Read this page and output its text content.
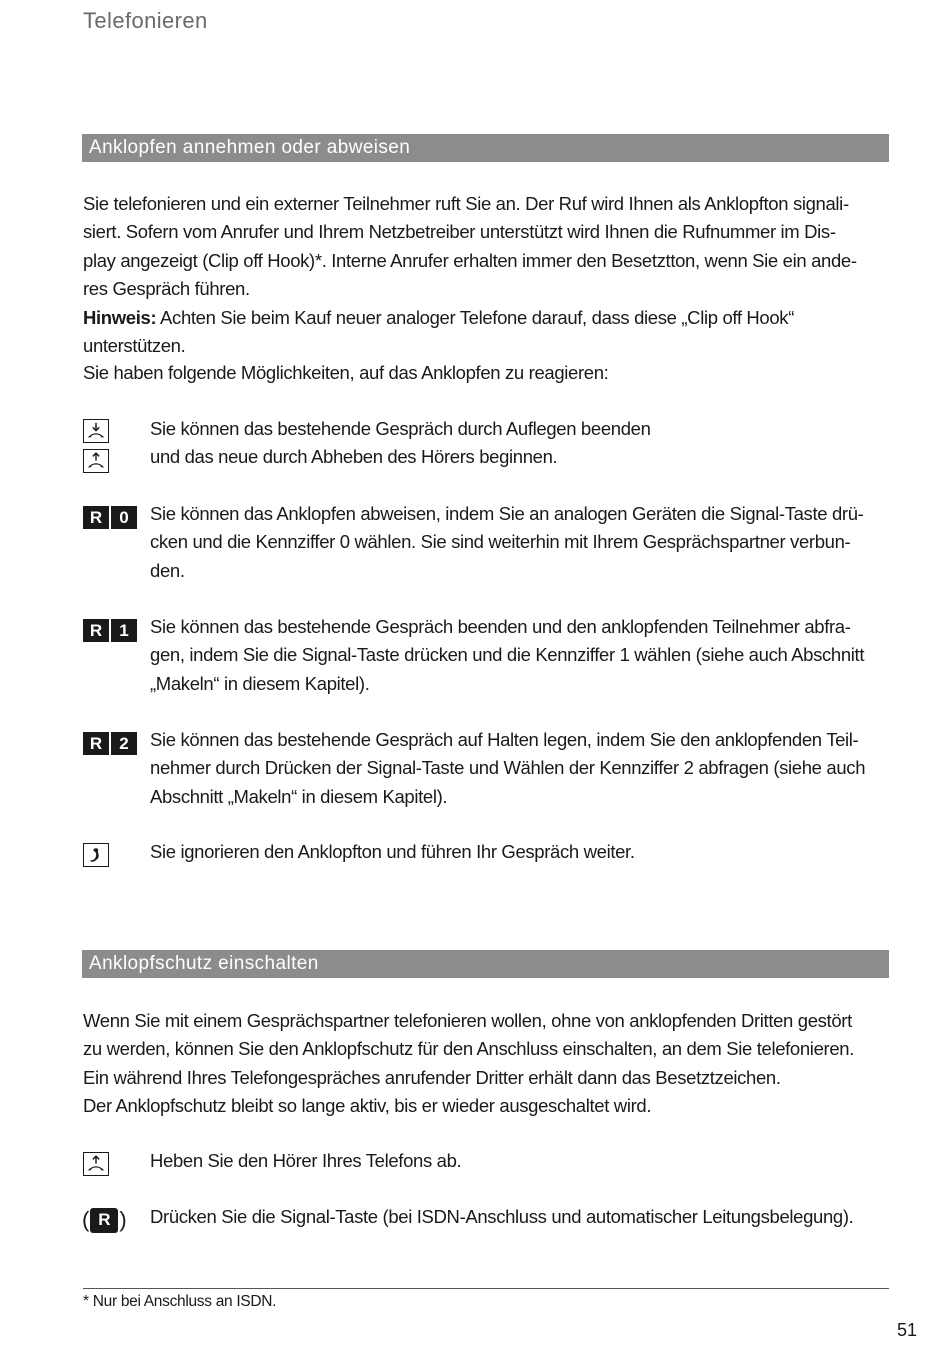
Telefonieren
Anklopfen annehmen oder abweisen
Sie telefonieren und ein externer Teilnehmer ruft Sie an. Der Ruf wird Ihnen als Anklopfton signali-
siert. Sofern vom Anrufer und Ihrem Netzbetreiber unterstützt wird Ihnen die Rufnummer im Dis-
play angezeigt (Clip off Hook)*. Interne Anrufer erhalten immer den Besetztton, wenn Sie ein ande-
res Gespräch führen.
Hinweis: Achten Sie beim Kauf neuer analoger Telefone darauf, dass diese „Clip off Hook“ unterstützen.
Sie haben folgende Möglichkeiten, auf das Anklopfen zu reagieren:
Sie können das bestehende Gespräch durch Auflegen beenden
und das neue durch Abheben des Hörers beginnen.
R	0	Sie können das Anklopfen abweisen, indem Sie an analogen Geräten die Signal-Taste drü-
cken und die Kennziffer 0 wählen. Sie sind weiterhin mit Ihrem Gesprächspartner verbun-
den.
R	1	Sie können das bestehende Gespräch beenden und den anklopfenden Teilnehmer abfra-
gen, indem Sie die Signal-Taste drücken und die Kennziffer 1 wählen (siehe auch Abschnitt
„Makeln“ in diesem Kapitel).
R	2	Sie können das bestehende Gespräch auf Halten legen, indem Sie den anklopfenden Teil-
nehmer durch Drücken der Signal-Taste und Wählen der Kennziffer 2 abfragen (siehe auch
Abschnitt „Makeln“ in diesem Kapitel).
Sie ignorieren den Anklopfton und führen Ihr Gespräch weiter.
Anklopfschutz einschalten
Wenn Sie mit einem Gesprächspartner telefonieren wollen, ohne von anklopfenden Dritten gestört
zu werden, können Sie den Anklopfschutz für den Anschluss einschalten, an dem Sie telefonieren.
Ein während Ihres Telefongespräches anrufender Dritter erhält dann das Besetztzeichen.
Der Anklopfschutz bleibt so lange aktiv, bis er wieder ausgeschaltet wird.
Heben Sie den Hörer Ihres Telefons ab.
( R ) Drücken Sie die Signal-Taste (bei ISDN-Anschluss und automatischer Leitungsbelegung).
* Nur bei Anschluss an ISDN.
51
